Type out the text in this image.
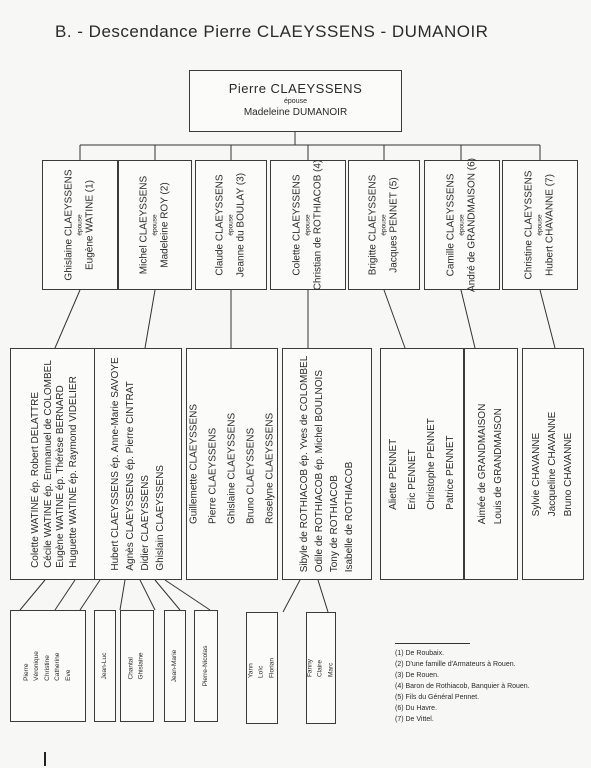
B. - Descendance Pierre CLAEYSSENS - DUMANOIR
Pierre CLAEYSSENS
épouse
Madeleine DUMANOIR
Ghislaine CLAEYSSENS épouse Eugène WATINE (1)	Michel CLAEYSSENS épouse Madeleine ROY (2)	Claude CLAEYSSENS épouse Jeanne du BOULAY (3)	Colette CLAEYSSENS épouse Christian de ROTHIACOB (4)	Brigitte CLAEYSSENS épouse Jacques PENNET (5)	Camille CLAEYSSENS épouse André de GRANDMAISON (6)	Christine CLAEYSSENS épouse Hubert CHAVANNE (7)
Colette WATINE ép. Robert DELATTRE Cécile WATINE ép. Emmanuel de COLOMBEL Eugène WATINE ép. Thérèse BERNARD Huguette WATINE ép. Raymond VIDELIER	Hubert CLAEYSSENS ép. Anne-Marie SAVOYE Agnès CLAEYSSENS ép. Pierre CINTRAT Didier CLAEYSSENS Ghislain CLAEYSSENS	Guillemette CLAEYSSENS Pierre CLAEYSSENS Ghislaine CLAEYSSENS Bruno CLAEYSSENS Roselyne CLAEYSSENS	Sibyle de ROTHIACOB ép. Yves de COLOMBEL Odile de ROTHIACOB ép. Michel BOULNOIS Tony de ROTHIACOB Isabelle de ROTHIACOB	Aliette PENNET Eric PENNET Christophe PENNET Patrice PENNET	Aimée de GRANDMAISON Louis de GRANDMAISON	Sylvie CHAVANNE Jacqueline CHAVANNE Bruno CHAVANNE
Pierre Véronique Christine Catherine Eve	Jean-Luc	Chantal Ghislaine	Jean-Marie	Pierre-Nicolas	Yann Loïc Florian	Fanny Claire Marc
(1) De Roubaix.
(2) D'une famille d'Armateurs à Rouen.
(3) De Rouen.
(4) Baron de Rothiacob, Banquier à Rouen.
(5) Fils du Général Pennet.
(6) Du Havre.
(7) De Vittel.
